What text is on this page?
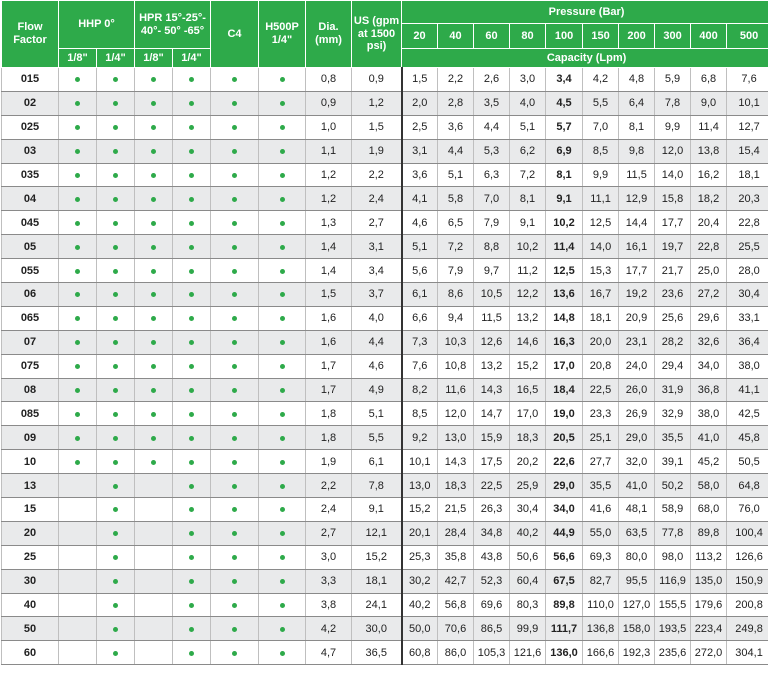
Flow Factor	HHP 0°		HPR 15°-25°- 40°- 50° -65°		C4	H500P 1/4"	Dia. (mm)	US (gpm at 1500 psi)	Pressure (Bar)									
									20	40	60	80	100	150	200	300	400	500
	1/8"	1/4"	1/8"	1/4"					Capacity (Lpm)									
015							0,8	0,9	1,5	2,2	2,6	3,0	3,4	4,2	4,8	5,9	6,8	7,6
02							0,9	1,2	2,0	2,8	3,5	4,0	4,5	5,5	6,4	7,8	9,0	10,1
025							1,0	1,5	2,5	3,6	4,4	5,1	5,7	7,0	8,1	9,9	11,4	12,7
03							1,1	1,9	3,1	4,4	5,3	6,2	6,9	8,5	9,8	12,0	13,8	15,4
035							1,2	2,2	3,6	5,1	6,3	7,2	8,1	9,9	11,5	14,0	16,2	18,1
04							1,2	2,4	4,1	5,8	7,0	8,1	9,1	11,1	12,9	15,8	18,2	20,3
045							1,3	2,7	4,6	6,5	7,9	9,1	10,2	12,5	14,4	17,7	20,4	22,8
05							1,4	3,1	5,1	7,2	8,8	10,2	11,4	14,0	16,1	19,7	22,8	25,5
055							1,4	3,4	5,6	7,9	9,7	11,2	12,5	15,3	17,7	21,7	25,0	28,0
06							1,5	3,7	6,1	8,6	10,5	12,2	13,6	16,7	19,2	23,6	27,2	30,4
065							1,6	4,0	6,6	9,4	11,5	13,2	14,8	18,1	20,9	25,6	29,6	33,1
07							1,6	4,4	7,3	10,3	12,6	14,6	16,3	20,0	23,1	28,2	32,6	36,4
075							1,7	4,6	7,6	10,8	13,2	15,2	17,0	20,8	24,0	29,4	34,0	38,0
08							1,7	4,9	8,2	11,6	14,3	16,5	18,4	22,5	26,0	31,9	36,8	41,1
085							1,8	5,1	8,5	12,0	14,7	17,0	19,0	23,3	26,9	32,9	38,0	42,5
09							1,8	5,5	9,2	13,0	15,9	18,3	20,5	25,1	29,0	35,5	41,0	45,8
10							1,9	6,1	10,1	14,3	17,5	20,2	22,6	27,7	32,0	39,1	45,2	50,5
13							2,2	7,8	13,0	18,3	22,5	25,9	29,0	35,5	41,0	50,2	58,0	64,8
15							2,4	9,1	15,2	21,5	26,3	30,4	34,0	41,6	48,1	58,9	68,0	76,0
20							2,7	12,1	20,1	28,4	34,8	40,2	44,9	55,0	63,5	77,8	89,8	100,4
25							3,0	15,2	25,3	35,8	43,8	50,6	56,6	69,3	80,0	98,0	113,2	126,6
30							3,3	18,1	30,2	42,7	52,3	60,4	67,5	82,7	95,5	116,9	135,0	150,9
40							3,8	24,1	40,2	56,8	69,6	80,3	89,8	110,0	127,0	155,5	179,6	200,8
50							4,2	30,0	50,0	70,6	86,5	99,9	111,7	136,8	158,0	193,5	223,4	249,8
60							4,7	36,5	60,8	86,0	105,3	121,6	136,0	166,6	192,3	235,6	272,0	304,1
